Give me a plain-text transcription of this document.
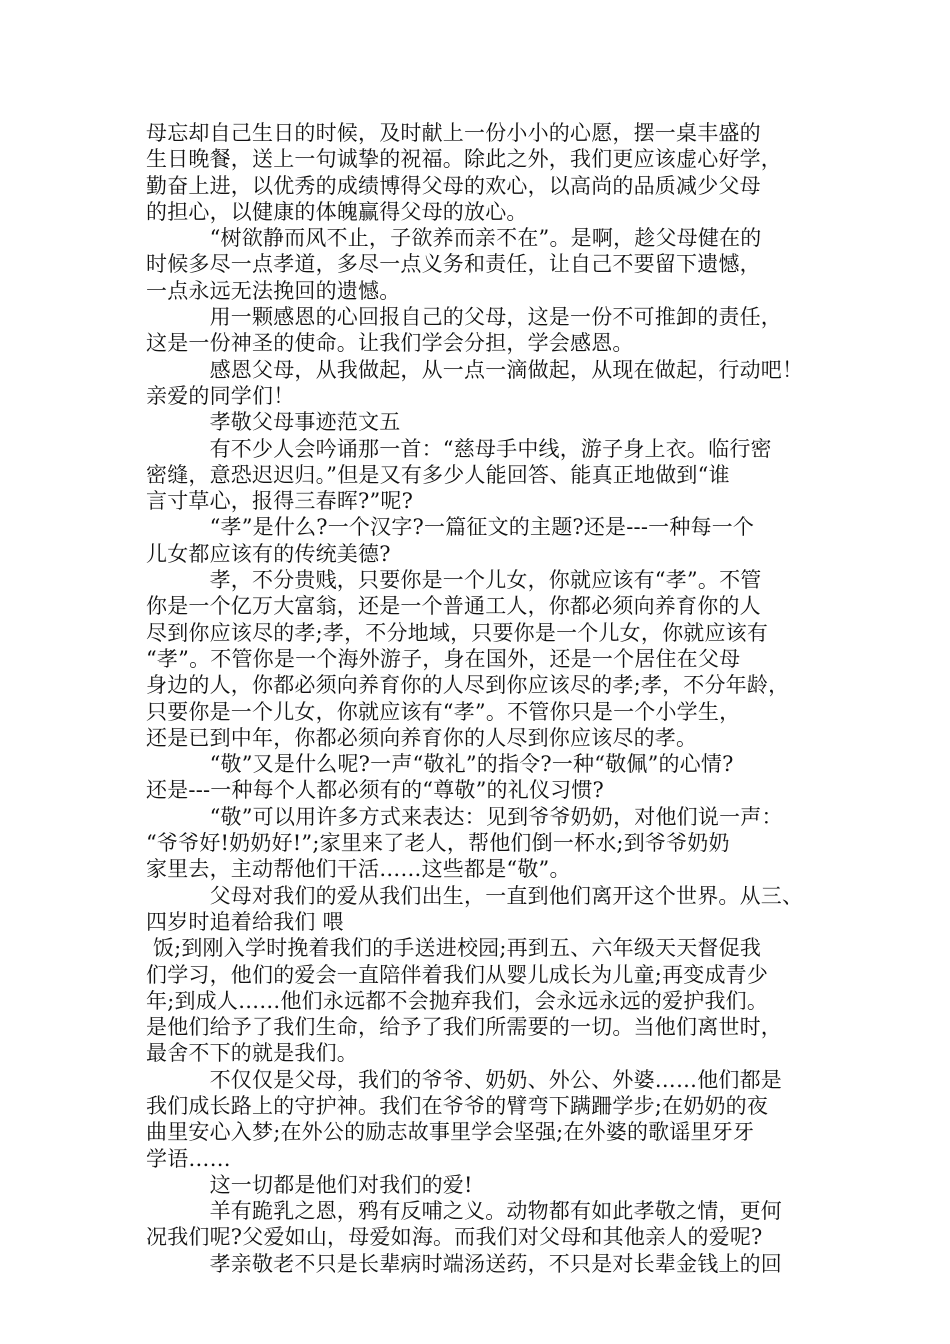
母忘却自己生日的时候，及时献上一份小小的心愿，摆一桌丰盛的
生日晚餐，送上一句诚挚的祝福。除此之外，我们更应该虚心好学，
勤奋上进，以优秀的成绩博得父母的欢心，以高尚的品质减少父母
的担心，以健康的体魄赢得父母的放心。
　　　“树欲静而风不止，子欲养而亲不在”。是啊，趁父母健在的
时候多尽一点孝道，多尽一点义务和责任，让自己不要留下遗憾，
一点永远无法挽回的遗憾。
　　　用一颗感恩的心回报自己的父母，这是一份不可推卸的责任，
这是一份神圣的使命。让我们学会分担，学会感恩。
　　　感恩父母，从我做起，从一点一滴做起，从现在做起，行动吧！
亲爱的同学们！
　　　孝敬父母事迹范文五
　　　有不少人会吟诵那一首：“慈母手中线，游子身上衣。临行密
密缝，意恐迟迟归。”但是又有多少人能回答、能真正地做到“谁
言寸草心，报得三春晖?”呢?
　　　“孝”是什么?一个汉字?一篇征文的主题?还是---一种每一个
儿女都应该有的传统美德?
　　　孝，不分贵贱，只要你是一个儿女，你就应该有“孝”。不管
你是一个亿万大富翁，还是一个普通工人，你都必须向养育你的人
尽到你应该尽的孝;孝，不分地域，只要你是一个儿女，你就应该有
“孝”。不管你是一个海外游子，身在国外，还是一个居住在父母
身边的人，你都必须向养育你的人尽到你应该尽的孝;孝，不分年龄，
只要你是一个儿女，你就应该有“孝”。不管你只是一个小学生，
还是已到中年，你都必须向养育你的人尽到你应该尽的孝。
　　　“敬”又是什么呢?一声“敬礼”的指令?一种“敬佩”的心情?
还是---一种每个人都必须有的“尊敬”的礼仪习惯?
　　　“敬”可以用许多方式来表达：见到爷爷奶奶，对他们说一声：
“爷爷好!奶奶好!”;家里来了老人，帮他们倒一杯水;到爷爷奶奶
家里去，主动帮他们干活……这些都是“敬”。
　　　父母对我们的爱从我们出生，一直到他们离开这个世界。从三、
四岁时追着给我们 喂
饭;到刚入学时挽着我们的手送进校园;再到五、六年级天天督促我
们学习，他们的爱会一直陪伴着我们从婴儿成长为儿童;再变成青少
年;到成人……他们永远都不会抛弃我们，会永远永远的爱护我们。
是他们给予了我们生命，给予了我们所需要的一切。当他们离世时，
最舍不下的就是我们。
　　　不仅仅是父母，我们的爷爷、奶奶、外公、外婆……他们都是
我们成长路上的守护神。我们在爷爷的臂弯下蹒跚学步;在奶奶的夜
曲里安心入梦;在外公的励志故事里学会坚强;在外婆的歌谣里牙牙
学语……
　　　这一切都是他们对我们的爱!
　　　羊有跪乳之恩，鸦有反哺之义。动物都有如此孝敬之情，更何
况我们呢?父爱如山，母爱如海。而我们对父母和其他亲人的爱呢?
　　　孝亲敬老不只是长辈病时端汤送药，不只是对长辈金钱上的回
